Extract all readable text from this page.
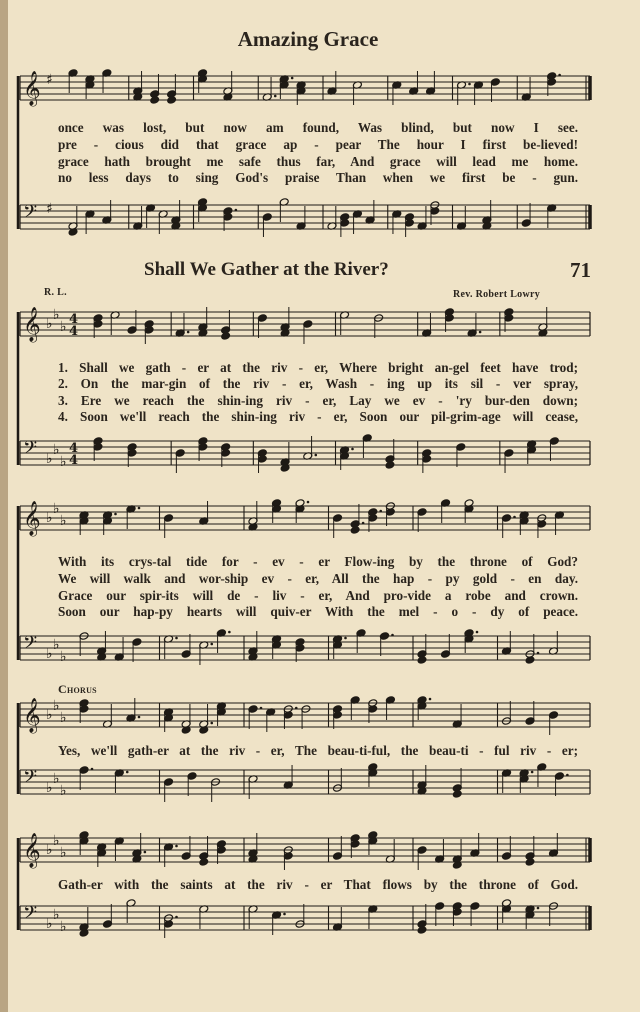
𝄞 ♯
𝄢 ♯
𝄞 ♭
♭
♭ 4
4
𝄢 ♭
♭
♭
4
4
𝄞 ♭
♭
♭
𝄢 ♭
♭
♭
𝄞 ♭
♭
♭
𝄢 ♭
♭
♭
𝄞 ♭
♭
♭
𝄢 ♭
♭
♭
Amazing Grace
once was lost, but now am found, Was blind, but now I see.
pre - cious did that grace ap - pear The hour I first be-lieved!
grace hath brought me safe thus far, And grace will lead me home.
no less days to sing God's praise Than when we first be - gun.
Shall We Gather at the River?	71
R. L.	Rev. Robert Lowry
1. Shall we gath - er at the riv - er, Where bright an-gel feet have trod;
2. On the mar-gin of the riv - er, Wash - ing up its sil - ver spray,
3. Ere we reach the shin-ing riv - er, Lay we ev - 'ry bur-den down;
4. Soon we'll reach the shin-ing riv - er, Soon our pil-grim-age will cease,
With its crys-tal tide for - ev - er Flow-ing by the throne of God?
We will walk and wor-ship ev - er, All the hap - py gold - en day.
Grace our spir-its will de - liv - er, And pro-vide a robe and crown.
Soon our hap-py hearts will quiv-er With the mel - o - dy of peace.
Chorus
Yes, we'll gath-er at the riv - er, The beau-ti-ful, the beau-ti - ful riv - er;
Gath-er with the saints at the riv - er That flows by the throne of God.
